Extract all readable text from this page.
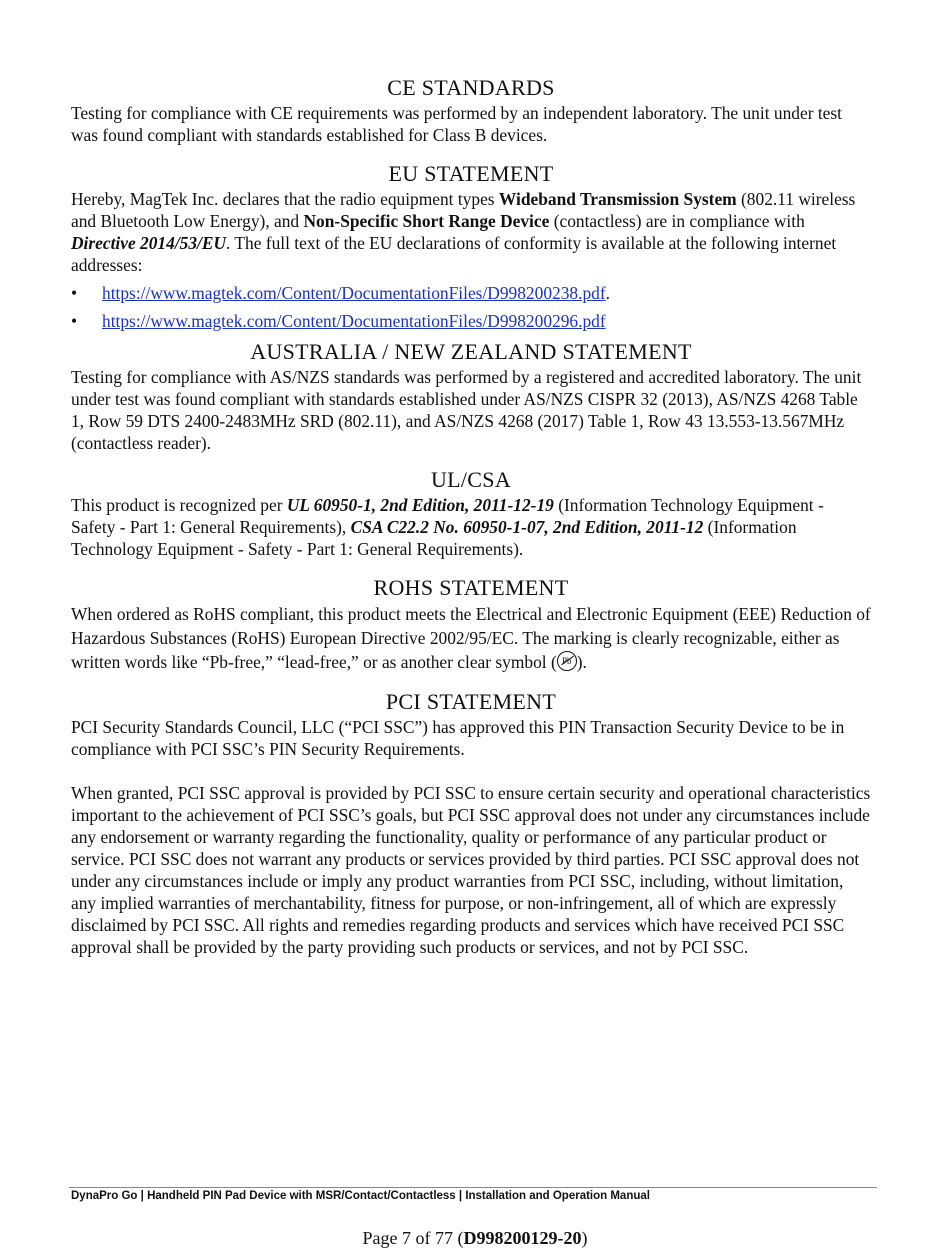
CE STANDARDS

Testing for compliance with CE requirements was performed by an independent laboratory. The unit under test was found compliant with standards established for Class B devices.

EU STATEMENT

Hereby, MagTek Inc. declares that the radio equipment types Wideband Transmission System (802.11 wireless and Bluetooth Low Energy), and Non-Specific Short Range Device (contactless) are in compliance with Directive 2014/53/EU. The full text of the EU declarations of conformity is available at the following internet addresses:

• https://www.magtek.com/Content/DocumentationFiles/D998200238.pdf.
• https://www.magtek.com/Content/DocumentationFiles/D998200296.pdf
AUSTRALIA / NEW ZEALAND STATEMENT

Testing for compliance with AS/NZS standards was performed by a registered and accredited laboratory. The unit under test was found compliant with standards established under AS/NZS CISPR 32 (2013), AS/NZS 4268 Table 1, Row 59 DTS 2400-2483MHz SRD (802.11), and AS/NZS 4268 (2017) Table 1, Row 43 13.553-13.567MHz (contactless reader).

UL/CSA

This product is recognized per UL 60950-1, 2nd Edition, 2011-12-19 (Information Technology Equipment - Safety - Part 1: General Requirements), CSA C22.2 No. 60950-1-07, 2nd Edition, 2011-12 (Information Technology Equipment - Safety - Part 1: General Requirements).

ROHS STATEMENT

When ordered as RoHS compliant, this product meets the Electrical and Electronic Equipment (EEE) Reduction of Hazardous Substances (RoHS) European Directive 2002/95/EC. The marking is clearly recognizable, either as written words like “Pb-free,” “lead-free,” or as another clear symbol ( Pb ).

PCI STATEMENT

PCI Security Standards Council, LLC (“PCI SSC”) has approved this PIN Transaction Security Device to be in compliance with PCI SSC’s PIN Security Requirements.

When granted, PCI SSC approval is provided by PCI SSC to ensure certain security and operational characteristics important to the achievement of PCI SSC’s goals, but PCI SSC approval does not under any circumstances include any endorsement or warranty regarding the functionality, quality or performance of any particular product or service. PCI SSC does not warrant any products or services provided by third parties. PCI SSC approval does not under any circumstances include or imply any product warranties from PCI SSC, including, without limitation, any implied warranties of merchantability, fitness for purpose, or non-infringement, all of which are expressly disclaimed by PCI SSC. All rights and remedies regarding products and services which have received PCI SSC approval shall be provided by the party providing such products or services, and not by PCI SSC.

DynaPro Go | Handheld PIN Pad Device with MSR/Contact/Contactless | Installation and Operation Manual
Page 7 of 77 (D998200129-20)
